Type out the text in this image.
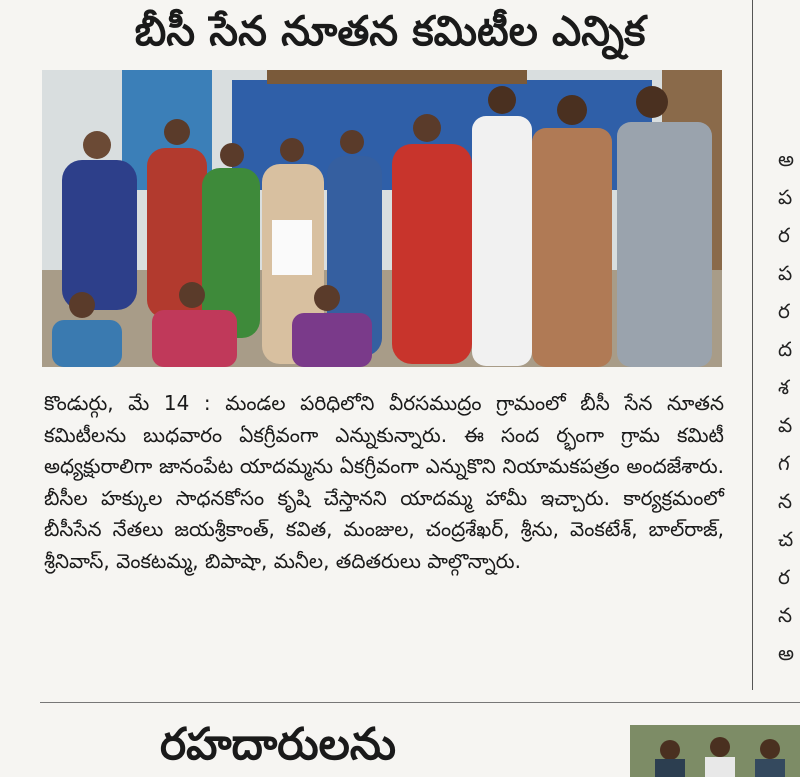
బీసీ సేన నూతన కమిటీల ఎన్నిక
కొండుర్గు, మే 14 : మండల పరిధిలోని వీరసముద్రం గ్రామంలో బీసీ సేన నూతన కమిటీలను బుధవారం ఏకగ్రీవంగా ఎన్నుకున్నారు. ఈ సంద ర్భంగా గ్రామ కమిటీ అధ్యక్షురాలిగా జానంపేట యాదమ్మను ఏకగ్రీవంగా ఎన్నుకొని నియామకపత్రం అందజేశారు. బీసీల హక్కుల సాధనకోసం కృషి చేస్తానని యాదమ్మ హామీ ఇచ్చారు. కార్యక్రమంలో బీసీసేన నేతలు జయశ్రీకాంత్, కవిత, మంజుల, చంద్రశేఖర్, శ్రీను, వెంకటేశ్, బాల్‌రాజ్, శ్రీనివాస్, వెంకటమ్మ, బిపాషా, మనీల, తదితరులు పాల్గొన్నారు.
రహదారులను
అ
ప
ర
ప
ర
ద
శ
వ
గ
న
చ
ర
న
అ
